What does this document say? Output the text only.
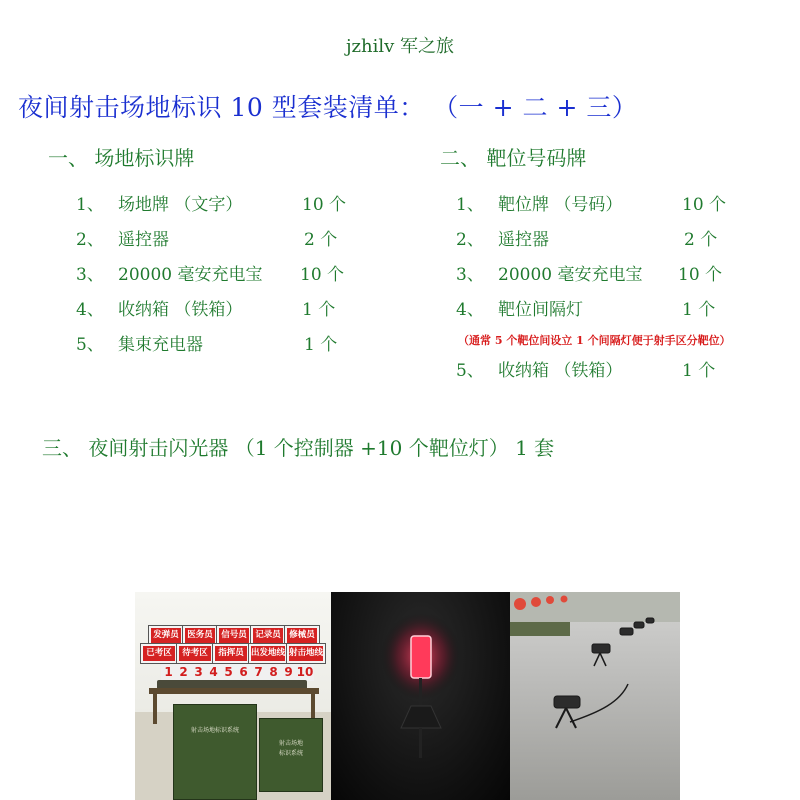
jzhilv 军之旅
夜间射击场地标识 10 型套装清单： （一 + 二 + 三）
一、 场地标识牌
1、 场地牌 （文字）	10 个
2、 遥控器	2 个
3、 20000 毫安充电宝 10 个
4、 收纳箱 （铁箱）	1 个
5、 集束充电器	1 个
二、 靶位号码牌
1、 靶位牌 （号码）	10 个
2、 遥控器	2 个
3、 20000 毫安充电宝 10 个
4、 靶位间隔灯	1 个
（通常 5 个靶位间设立 1 个间隔灯便于射手区分靶位）
5、 收纳箱 （铁箱）	1 个
三、 夜间射击闪光器 （1 个控制器 +10 个靶位灯） 1 套
发弹员 医务员 信号员 记录员 修械员
已考区	待考区	指挥员 出发地线 射击地线
1 2 3 4 5 6 7 8 9 10
射击场地标识系统
射击场地
标识系统
